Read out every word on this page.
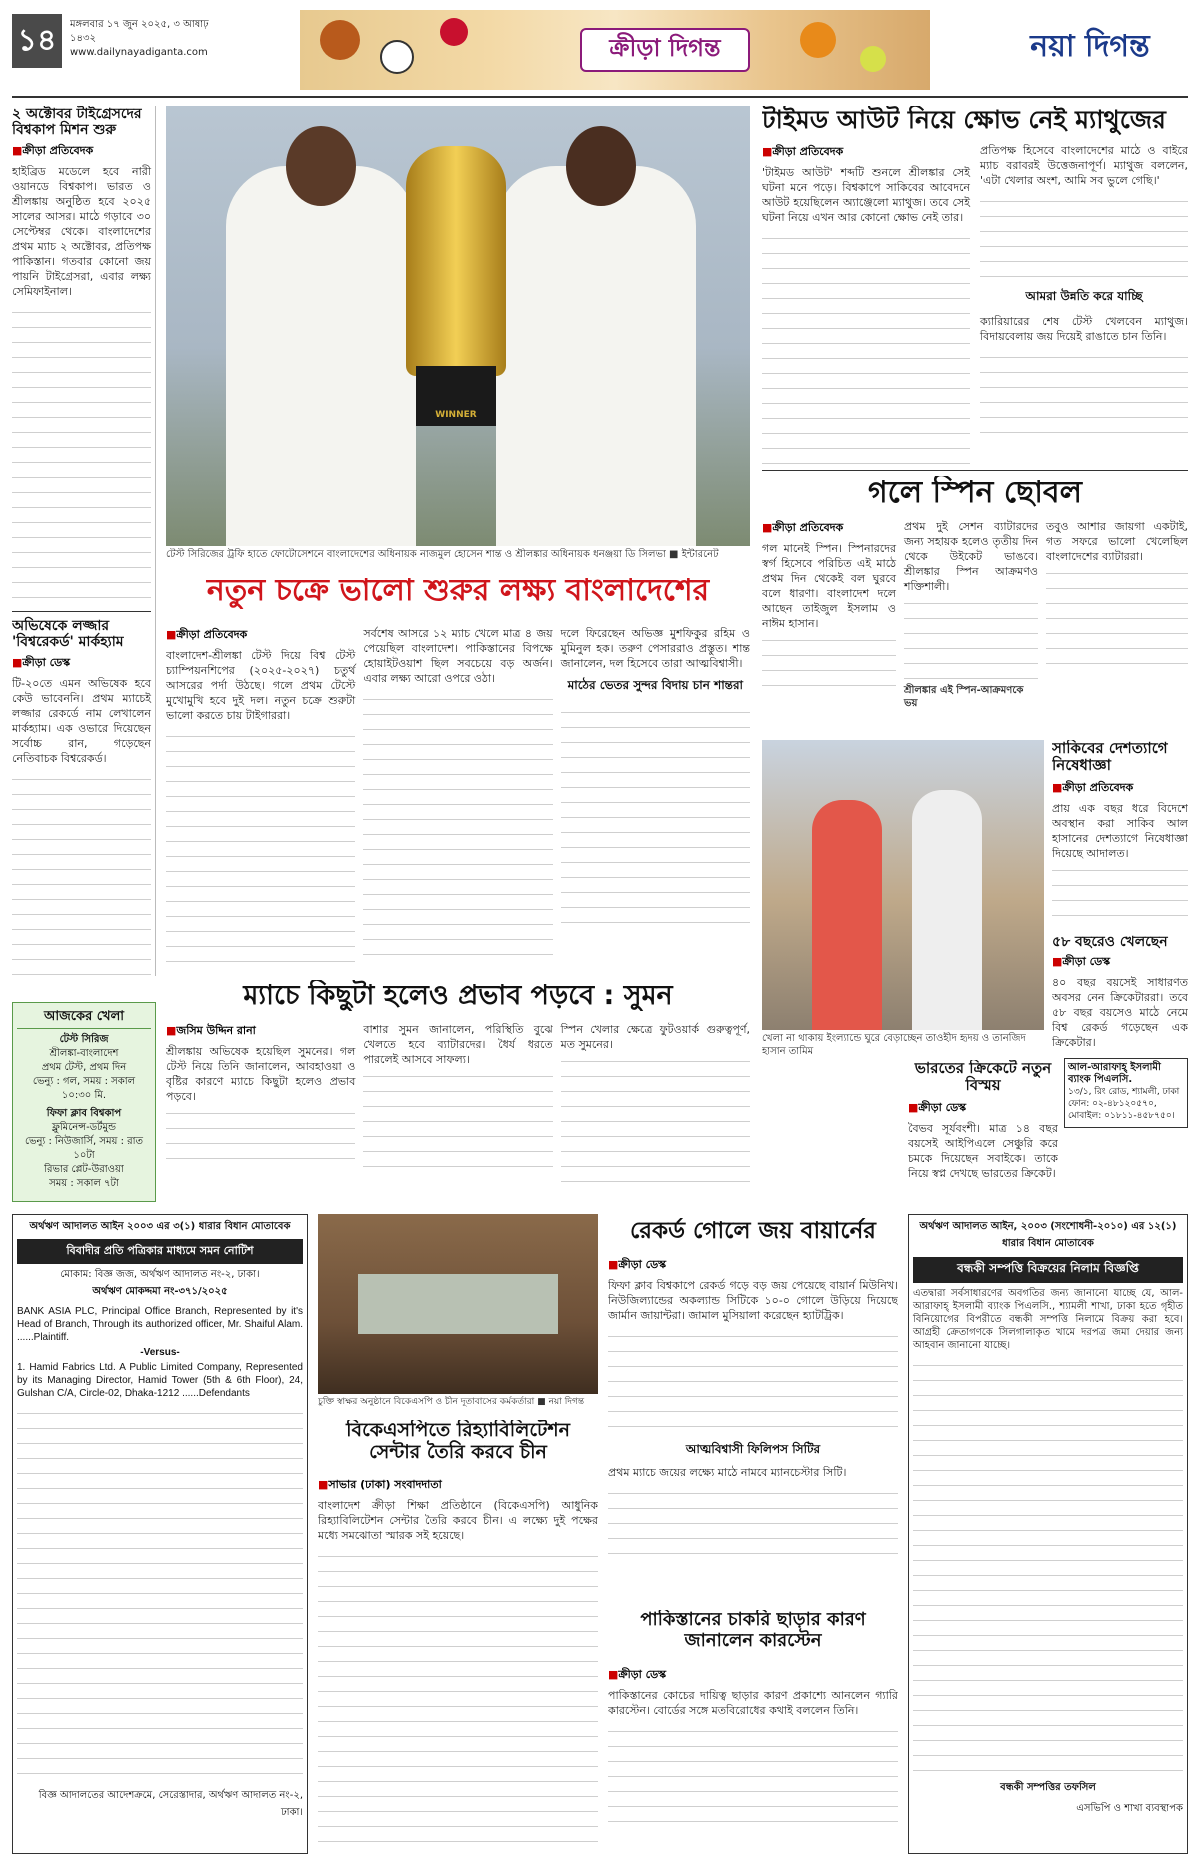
১৪	মঙ্গলবার ১৭ জুন ২০২৫, ৩ আষাঢ় ১৪৩২
www.dailynayadiganta.com	ক্রীড়া দিগন্ত	নয়া দিগন্ত
২ অক্টোবর টাইগ্রেসদের বিশ্বকাপ মিশন শুরু
■ ক্রীড়া প্রতিবেদক
হাইব্রিড মডেলে হবে নারী ওয়ানডে বিশ্বকাপ। ভারত ও শ্রীলঙ্কায় অনুষ্ঠিত হবে ২০২৫ সালের আসর। মাঠে গড়াবে ৩০ সেপ্টেম্বর থেকে। বাংলাদেশের প্রথম ম্যাচ ২ অক্টোবর, প্রতিপক্ষ পাকিস্তান। গতবার কোনো জয় পায়নি টাইগ্রেসরা, এবার লক্ষ্য সেমিফাইনাল।
অভিষেকে লজ্জার 'বিশ্বরেকর্ড' মার্কহ্যাম
■ ক্রীড়া ডেস্ক
টি-২০তে এমন অভিষেক হবে কেউ ভাবেননি। প্রথম ম্যাচেই লজ্জার রেকর্ডে নাম লেখালেন মার্কহ্যাম। এক ওভারে দিয়েছেন সর্বোচ্চ রান, গড়েছেন নেতিবাচক বিশ্বরেকর্ড।
WINNER
টেস্ট সিরিজের ট্রফি হাতে ফোটোসেশনে বাংলাদেশের অধিনায়ক নাজমুল হোসেন শান্ত ও শ্রীলঙ্কার অধিনায়ক ধনঞ্জয়া ডি সিলভা ■ ইন্টারনেট
টাইমড আউট নিয়ে ক্ষোভ নেই ম্যাথুজের
■ ক্রীড়া প্রতিবেদক
'টাইমড আউট' শব্দটি শুনলে শ্রীলঙ্কার সেই ঘটনা মনে পড়ে। বিশ্বকাপে সাকিবের আবেদনে আউট হয়েছিলেন অ্যাঞ্জেলো ম্যাথুজ। তবে সেই ঘটনা নিয়ে এখন আর কোনো ক্ষোভ নেই তার।
প্রতিপক্ষ হিসেবে বাংলাদেশের মাঠে ও বাইরে ম্যাচ বরাবরই উত্তেজনাপূর্ণ। ম্যাথুজ বললেন, 'এটা খেলার অংশ, আমি সব ভুলে গেছি।'
আমরা উন্নতি করে যাচ্ছি
ক্যারিয়ারের শেষ টেস্ট খেলবেন ম্যাথুজ। বিদায়বেলায় জয় দিয়েই রাঙাতে চান তিনি।
গলে স্পিন ছোবল
■ ক্রীড়া প্রতিবেদক
গল মানেই স্পিন। স্পিনারদের স্বর্গ হিসেবে পরিচিত এই মাঠে প্রথম দিন থেকেই বল ঘুরবে বলে ধারণা। বাংলাদেশ দলে আছেন তাইজুল ইসলাম ও নাঈম হাসান।
প্রথম দুই সেশন ব্যাটারদের জন্য সহায়ক হলেও তৃতীয় দিন থেকে উইকেট ভাঙবে। শ্রীলঙ্কার স্পিন আক্রমণও শক্তিশালী।
শ্রীলঙ্কার এই স্পিন-আক্রমণকে ভয়
তবুও আশার জায়গা একটাই, গত সফরে ভালো খেলেছিল বাংলাদেশের ব্যাটাররা।
নতুন চক্রে ভালো শুরুর লক্ষ্য বাংলাদেশের
■ ক্রীড়া প্রতিবেদক
বাংলাদেশ-শ্রীলঙ্কা টেস্ট দিয়ে বিশ্ব টেস্ট চ্যাম্পিয়নশিপের (২০২৫-২০২৭) চতুর্থ আসরের পর্দা উঠছে। গলে প্রথম টেস্টে মুখোমুখি হবে দুই দল। নতুন চক্রে শুরুটা ভালো করতে চায় টাইগাররা।
সর্বশেষ আসরে ১২ ম্যাচ খেলে মাত্র ৪ জয় পেয়েছিল বাংলাদেশ। পাকিস্তানের বিপক্ষে হোয়াইটওয়াশ ছিল সবচেয়ে বড় অর্জন। এবার লক্ষ্য আরো ওপরে ওঠা।
দলে ফিরেছেন অভিজ্ঞ মুশফিকুর রহিম ও মুমিনুল হক। তরুণ পেসাররাও প্রস্তুত। শান্ত জানালেন, দল হিসেবে তারা আত্মবিশ্বাসী।
মাঠের ভেতর সুন্দর বিদায় চান শান্তরা
খেলা না থাকায় ইংল্যান্ডে ঘুরে বেড়াচ্ছেন তাওহীদ হৃদয় ও তানজিদ হাসান তামিম
সাকিবের দেশত্যাগে নিষেধাজ্ঞা
■ ক্রীড়া প্রতিবেদক
প্রায় এক বছর ধরে বিদেশে অবস্থান করা সাকিব আল হাসানের দেশত্যাগে নিষেধাজ্ঞা দিয়েছে আদালত।
৫৮ বছরেও খেলছেন
■ ক্রীড়া ডেস্ক
৪০ বছর বয়সেই সাধারণত অবসর নেন ক্রিকেটাররা। তবে ৫৮ বছর বয়সেও মাঠে নেমে বিশ্ব রেকর্ড গড়েছেন এক ক্রিকেটার।
আজকের খেলা
টেস্ট সিরিজ
শ্রীলঙ্কা-বাংলাদেশ
প্রথম টেস্ট, প্রথম দিন
ভেন্যু : গল, সময় : সকাল ১০:৩০ মি.
ফিফা ক্লাব বিশ্বকাপ
ফ্লুমিনেন্স-ডর্টমুন্ড
ভেন্যু : নিউজার্সি, সময় : রাত ১০টা
রিভার প্লেট-উরাওয়া
সময় : সকাল ৭টা
ম্যাচে কিছুটা হলেও প্রভাব পড়বে : সুমন
■ জসিম উদ্দিন রানা
শ্রীলঙ্কায় অভিষেক হয়েছিল সুমনের। গল টেস্ট নিয়ে তিনি জানালেন, আবহাওয়া ও বৃষ্টির কারণে ম্যাচে কিছুটা হলেও প্রভাব পড়বে।
বাশার সুমন জানালেন, পরিস্থিতি বুঝে খেলতে হবে ব্যাটারদের। ধৈর্য ধরতে পারলেই আসবে সাফল্য।
স্পিন খেলার ক্ষেত্রে ফুটওয়ার্ক গুরুত্বপূর্ণ, মত সুমনের।
ভারতের ক্রিকেটে নতুন বিস্ময়
■ ক্রীড়া ডেস্ক
বৈভব সূর্যবংশী। মাত্র ১৪ বছর বয়সেই আইপিএলে সেঞ্চুরি করে চমকে দিয়েছেন সবাইকে। তাকে নিয়ে স্বপ্ন দেখছে ভারতের ক্রিকেট।
আল-আরাফাহ্ ইসলামী ব্যাংক পিএলসি.
১৩/১, রিং রোড, শ্যামলী, ঢাকা
ফোন: ০২-৪৮১২০৫৭০, মোবাইল: ০১৮১১-৪৫৮৭৫০।
অর্থঋণ আদালত আইন, ২০০৩ (সংশোধনী-২০১০) এর ১২(১) ধারার বিধান মোতাবেক
বন্ধকী সম্পত্তি বিক্রয়ের নিলাম বিজ্ঞপ্তি
এতদ্বারা সর্বসাধারণের অবগতির জন্য জানানো যাচ্ছে যে, আল-আরাফাহ্ ইসলামী ব্যাংক পিএলসি., শ্যামলী শাখা, ঢাকা হতে গৃহীত বিনিয়োগের বিপরীতে বন্ধকী সম্পত্তি নিলামে বিক্রয় করা হবে। আগ্রহী ক্রেতাগণকে সিলগালাকৃত খামে দরপত্র জমা দেয়ার জন্য আহবান জানানো যাচ্ছে।
বন্ধকী সম্পত্তির তফসিল
এসভিপি ও শাখা ব্যবস্থাপক
অর্থঋণ আদালত আইন ২০০৩ এর ৩(১) ধারার বিধান মোতাবেক
বিবাদীর প্রতি পত্রিকার মাধ্যমে সমন নোটিশ
মোকাম: বিজ্ঞ জজ, অর্থঋণ আদালত নং-২, ঢাকা।
অর্থঋণ মোকদ্দমা নং-৩৭১/২০২৫
BANK ASIA PLC, Principal Office Branch, Represented by it's Head of Branch, Through its authorized officer, Mr. Shaiful Alam. ......Plaintiff.
-Versus-
1. Hamid Fabrics Ltd. A Public Limited Company, Represented by its Managing Director, Hamid Tower (5th & 6th Floor), 24, Gulshan C/A, Circle-02, Dhaka-1212 ......Defendants
বিজ্ঞ আদালতের আদেশক্রমে, সেরেস্তাদার, অর্থঋণ আদালত নং-২, ঢাকা।
চুক্তি স্বাক্ষর অনুষ্ঠানে বিকেএসপি ও চীন দূতাবাসের কর্মকর্তারা ■ নয়া দিগন্ত
বিকেএসপিতে রিহ্যাবিলিটেশন সেন্টার তৈরি করবে চীন
■ সাভার (ঢাকা) সংবাদদাতা
বাংলাদেশ ক্রীড়া শিক্ষা প্রতিষ্ঠানে (বিকেএসপি) আধুনিক রিহ্যাবিলিটেশন সেন্টার তৈরি করবে চীন। এ লক্ষ্যে দুই পক্ষের মধ্যে সমঝোতা স্মারক সই হয়েছে।
রেকর্ড গোলে জয় বায়ার্নের
■ ক্রীড়া ডেস্ক
ফিফা ক্লাব বিশ্বকাপে রেকর্ড গড়ে বড় জয় পেয়েছে বায়ার্ন মিউনিখ। নিউজিল্যান্ডের অকল্যান্ড সিটিকে ১০-০ গোলে উড়িয়ে দিয়েছে জার্মান জায়ান্টরা। জামাল মুসিয়ালা করেছেন হ্যাটট্রিক।
আত্মবিশ্বাসী ফিলিপস সিটির
প্রথম ম্যাচে জয়ের লক্ষ্যে মাঠে নামবে ম্যানচেস্টার সিটি।
পাকিস্তানের চাকরি ছাড়ার কারণ জানালেন কারস্টেন
■ ক্রীড়া ডেস্ক
পাকিস্তানের কোচের দায়িত্ব ছাড়ার কারণ প্রকাশ্যে আনলেন গ্যারি কারস্টেন। বোর্ডের সঙ্গে মতবিরোধের কথাই বললেন তিনি।
